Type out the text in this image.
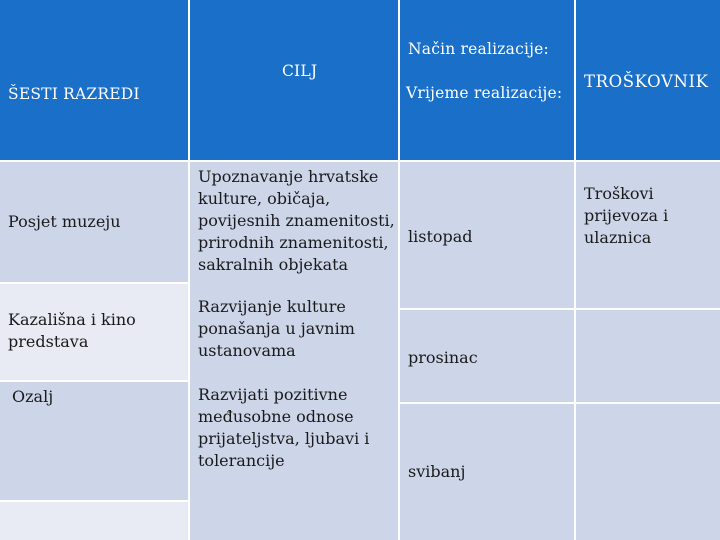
ŠESTI RAZREDI
CILJ
Način realizacije:
Vrijeme realizacije:
TROŠKOVNIK
Posjet muzeju
Kazališna i kino predstava
Ozalj
Upoznavanje hrvatske kulture, običaja, povijesnih znamenitosti, prirodnih znamenitosti, sakralnih objekata
Razvijanje kulture ponašanja u javnim ustanovama
Razvijati pozitivne međusobne odnose prijateljstva, ljubavi i tolerancije
listopad
prosinac
svibanj
Troškovi prijevoza i ulaznica
